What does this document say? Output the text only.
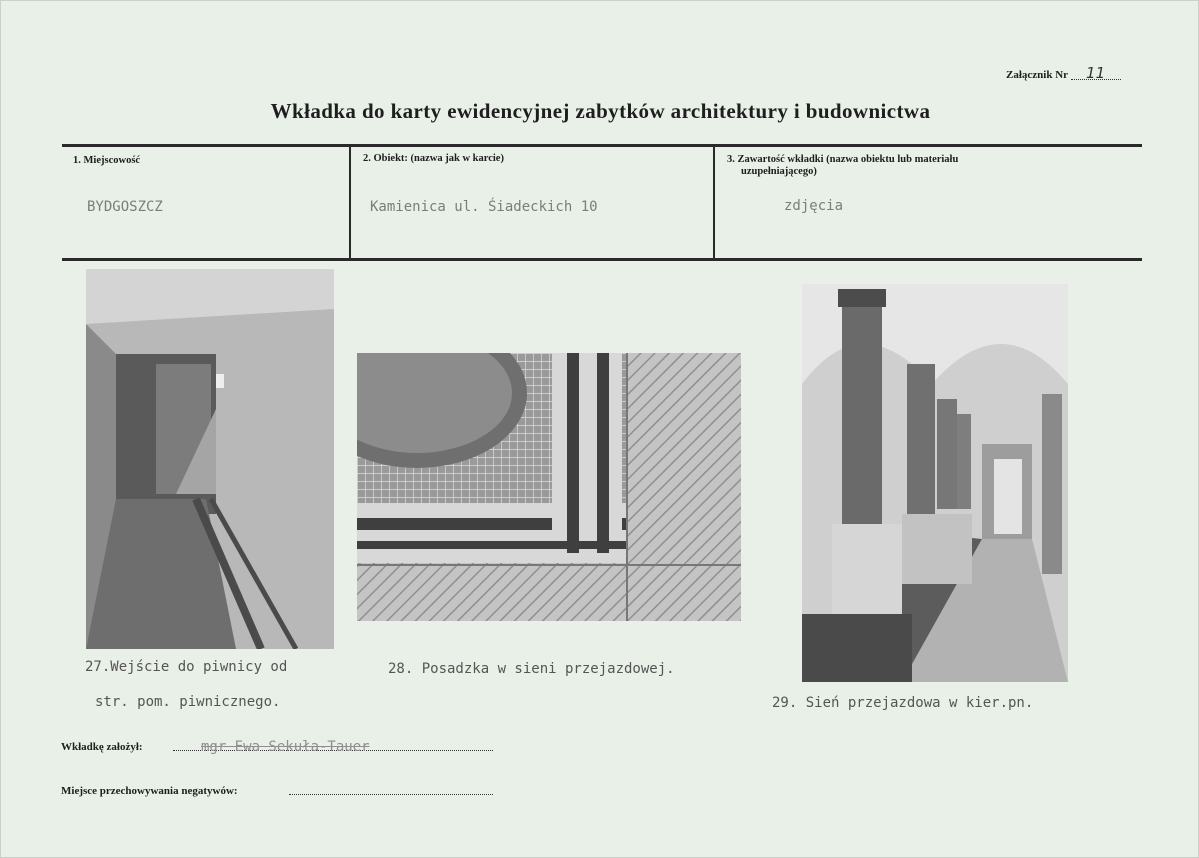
Załącznik Nr 11
Wkładka do karty ewidencyjnej zabytków architektury i budownictwa
1. Miejscowość
BYDGOSZCZ
2. Obiekt: (nazwa jak w karcie)
Kamienica ul. Śiadeckich 10
3. Zawartość wkładki (nazwa obiektu lub materiału
uzupełniającego)
zdjęcia
27.Wejście do piwnicy od
str. pom. piwnicznego.
28. Posadzka w sieni przejazdowej.
29. Sień przejazdowa w kier.pn.
Wkładkę założył:	mgr Ewa Sekuła-Tauer
Miejsce przechowywania negatywów:
